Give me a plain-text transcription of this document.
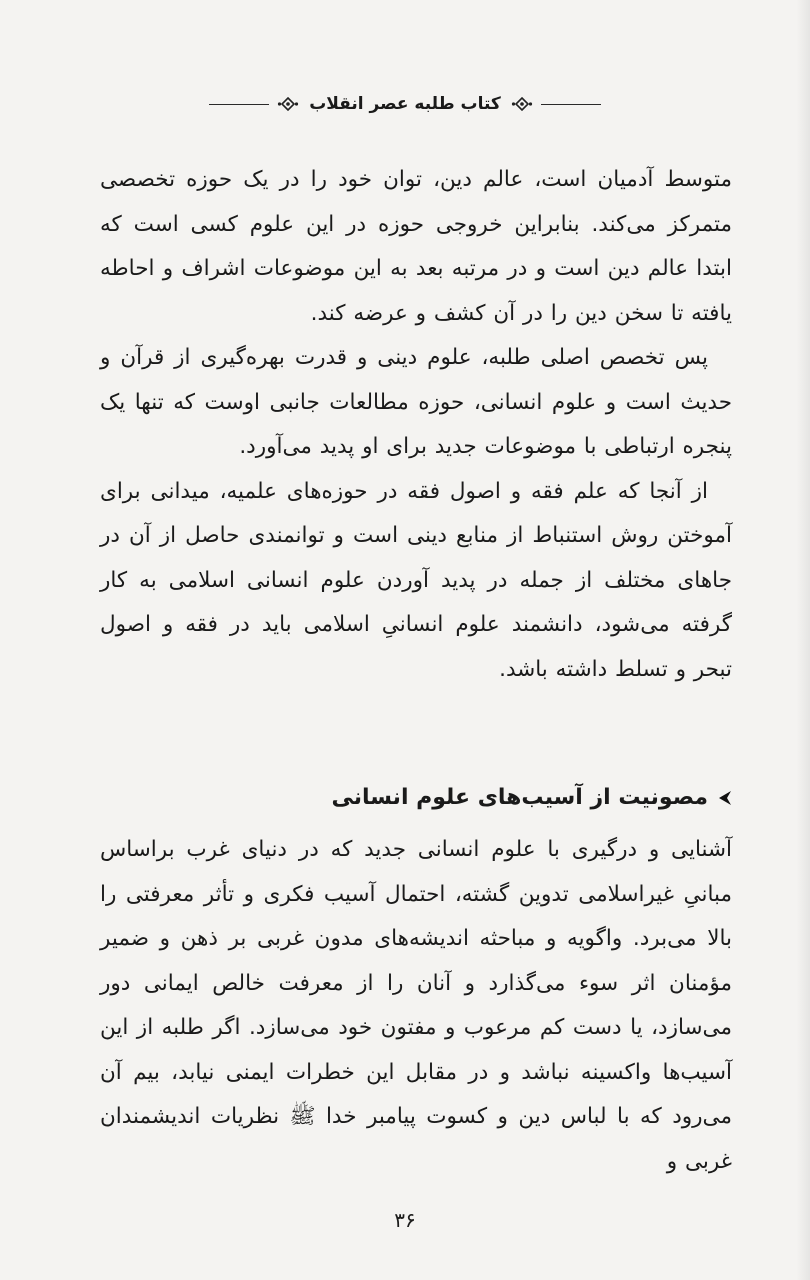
کتاب طلبه عصر انقلاب

متوسط آدمیان است، عالم دین، توان خود را در یک حوزه تخصصی متمرکز می‌کند. بنابراین خروجی حوزه در این علوم کسی است که ابتدا عالم دین است و در مرتبه بعد به این موضوعات اشراف و احاطه یافته تا سخن دین را در آن کشف و عرضه کند.

پس تخصص اصلی طلبه، علوم دینی و قدرت بهره‌گیری از قرآن و حدیث است و علوم انسانی، حوزه مطالعات جانبی اوست که تنها یک پنجره ارتباطی با موضوعات جدید برای او پدید می‌آورد.

از آنجا که علم فقه و اصول فقه در حوزه‌های علمیه، میدانی برای آموختن روش استنباط از منابع دینی است و توانمندی حاصل از آن در جاهای مختلف از جمله در پدید آوردن علوم انسانی اسلامی به کار گرفته می‌شود، دانشمند علوم انسانیِ اسلامی باید در فقه و اصول تبحر و تسلط داشته باشد.

مصونیت از آسیب‌های علوم انسانی

آشنایی و درگیری با علوم انسانی جدید که در دنیای غرب براساس مبانیِ غیراسلامی تدوین گشته، احتمال آسیب فکری و تأثر معرفتی را بالا می‌برد. واگویه و مباحثه اندیشه‌های مدون غربی بر ذهن و ضمیر مؤمنان اثر سوء می‌گذارد و آنان را از معرفت خالص ایمانی دور می‌سازد، یا دست کم مرعوب و مفتون خود می‌سازد. اگر طلبه از این آسیب‌ها واکسینه نباشد و در مقابل این خطرات ایمنی نیابد، بیم آن می‌رود که با لباس دین و کسوت پیامبر خدا ﷺ نظریات اندیشمندان غربی و

۳۶
